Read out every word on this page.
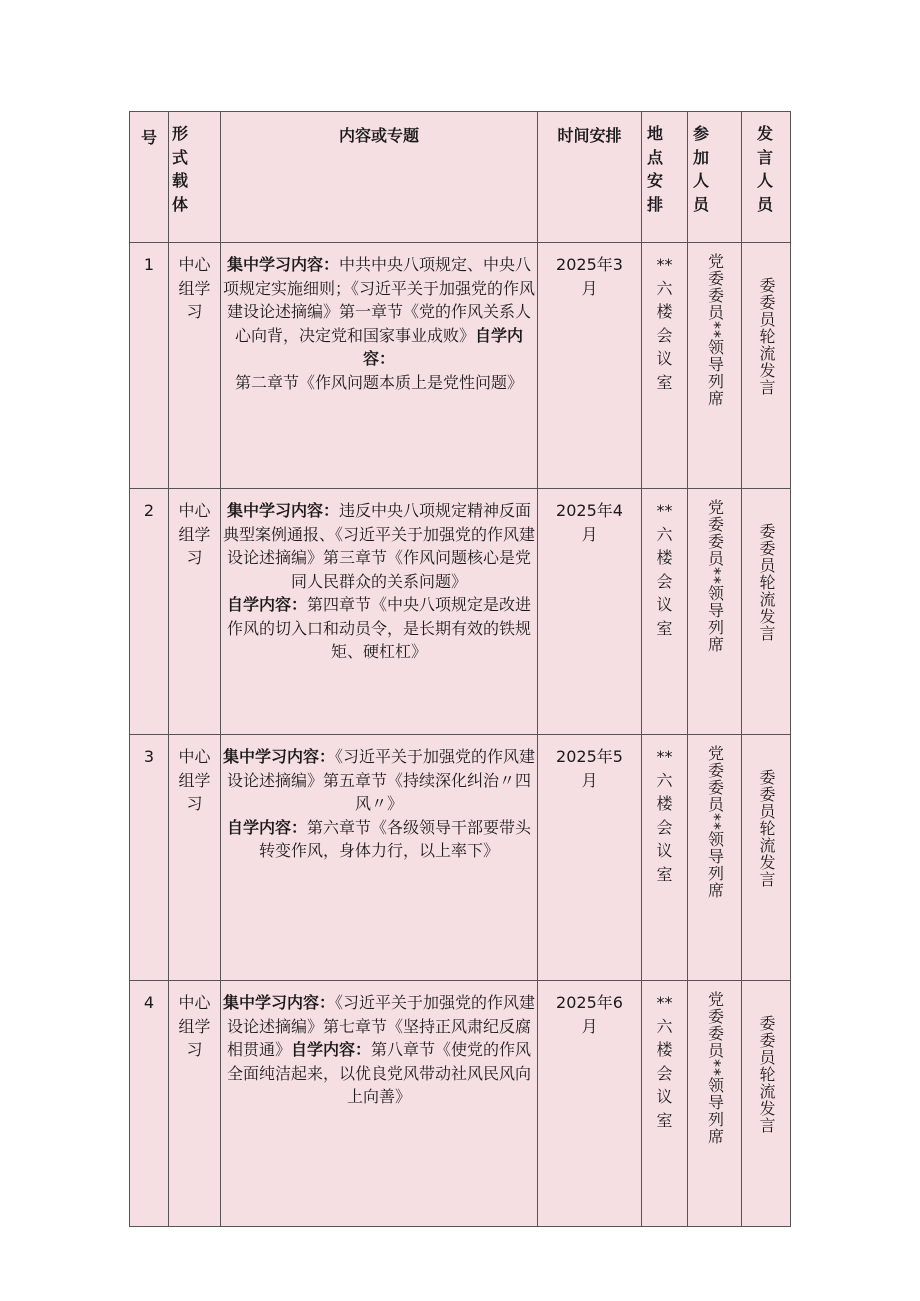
号	形式载体	内容或专题	时间安排	地点安排	参加人员	发言人员

1	中心组学习	集中学习内容：中共中央八项规定、中央八项规定实施细则；《习近平关于加强党的作风建设论述摘编》第一章节《党的作风关系人心向背，决定党和国家事业成败》自学内容：第二章节《作风问题本质上是党性问题》	2025年3月	**六楼会议室	党委委员**领导列席	委委员轮流发言

2	中心组学习	集中学习内容：违反中央八项规定精神反面典型案例通报、《习近平关于加强党的作风建设论述摘编》第三章节《作风问题核心是党同人民群众的关系问题》
自学内容：第四章节《中央八项规定是改进作风的切入口和动员令，是长期有效的铁规矩、硬杠杠》	2025年4月	**六楼会议室	党委委员**领导列席	委委员轮流发言

3	中心组学习	集中学习内容：《习近平关于加强党的作风建设论述摘编》第五章节《持续深化纠治〃四风〃》
自学内容：第六章节《各级领导干部要带头转变作风，身体力行，以上率下》	2025年5月	**六楼会议室	党委委员**领导列席	委委员轮流发言

4	中心组学习	集中学习内容：《习近平关于加强党的作风建设论述摘编》第七章节《坚持正风肃纪反腐相贯通》自学内容：第八章节《使党的作风全面纯洁起来，以优良党风带动社风民风向上向善》	2025年6月	**六楼会议室	党委委员**领导列席	委委员轮流发言
